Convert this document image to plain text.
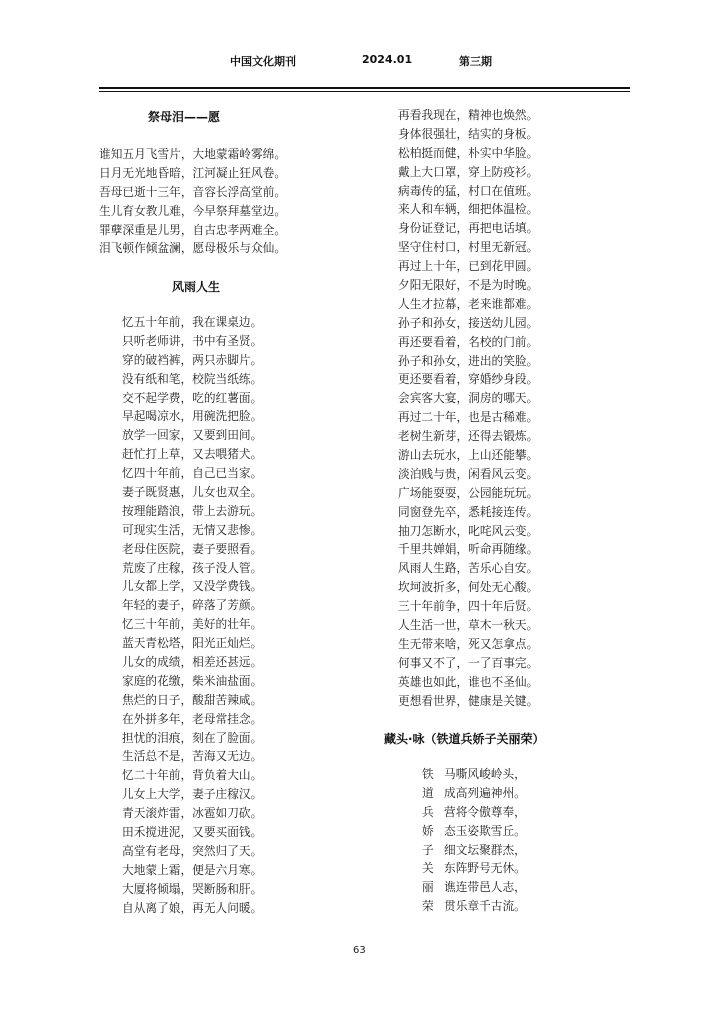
中国文化期刊	2024.01	第三期
祭母泪——愿
谁知五月飞雪片，大地蒙霜岭雾绵。
日月无光地昏暗，江河凝止狂风卷。
吾母已逝十三年，音容长浮高堂前。
生儿育女教儿难，今早祭拜墓堂边。
罪孽深重是儿男，自古忠孝两难全。
泪飞顿作倾盆澜，愿母极乐与众仙。
风雨人生
忆五十年前，我在课桌边。
只听老师讲，书中有圣贤。
穿的破裆裤，两只赤脚片。
没有纸和笔，校院当纸练。
交不起学费，吃的红薯面。
早起喝凉水，用碗洗把脸。
放学一回家，又要到田间。
赶忙打上草，又去喂猪犬。
忆四十年前，自己已当家。
妻子既贤惠，儿女也双全。
按理能踏浪，带上去游玩。
可现实生活，无情又悲惨。
老母住医院，妻子要照看。
荒废了庄稼，孩子没人管。
儿女都上学，又没学费钱。
年轻的妻子，碎落了芳颜。
忆三十年前，美好的壮年。
蓝天青松塔，阳光正灿烂。
儿女的成绩，相差还甚远。
家庭的花缴，柴米油盐面。
焦烂的日子，酸甜苦辣咸。
在外拼多年，老母常挂念。
担忧的泪痕，刻在了脸面。
生活总不是，苦海又无边。
忆二十年前，背负着大山。
儿女上大学，妻子庄稼汉。
青天滚炸雷，冰雹如刀砍。
田禾搅进泥，又要买面钱。
高堂有老母，突然归了天。
大地蒙上霜，便是六月寒。
大厦将倾塌，哭断肠和肝。
自从离了娘，再无人问暖。
再看我现在，精神也焕然。
身体很强壮，结实的身板。
松柏挺而健，朴实中华脸。
戴上大口罩，穿上防疫衫。
病毒传的猛，村口在值班。
来人和车辆，细把体温检。
身份证登记，再把电话填。
坚守住村口，村里无新冠。
再过上十年，已到花甲圆。
夕阳无限好，不是为时晚。
人生才拉幕，老来谁都难。
孙子和孙女，接送幼儿园。
再还要看着，名校的门前。
孙子和孙女，进出的笑脸。
更还要看着，穿婚纱身段。
会宾客大宴，洞房的哪天。
再过二十年，也是古稀难。
老树生新芽，还得去锻炼。
游山去玩水，上山还能攀。
淡泊贱与贵，闲看风云变。
广场能耍耍，公园能玩玩。
同窗登先卒，悉耗接连传。
抽刀怎断水，叱咤风云变。
千里共婵娟，听命再随缘。
风雨人生路，苦乐心自安。
坎坷波折多，何处无心酸。
三十年前争，四十年后贤。
人生活一世，草木一秋天。
生无带来啥，死又怎拿点。
何事又不了，一了百事完。
英雄也如此，谁也不圣仙。
更想看世界，健康是关键。
藏头·咏（铁道兵娇子关丽荣）
铁 马嘶风峻岭头，
道 成高列遍神州。
兵 营将令傲尊奉，
娇 态玉姿欺雪丘。
子 细文坛聚群杰，
关 东阵野号无休。
丽 谯连带邑人志，
荣 贯乐章千古流。
63
